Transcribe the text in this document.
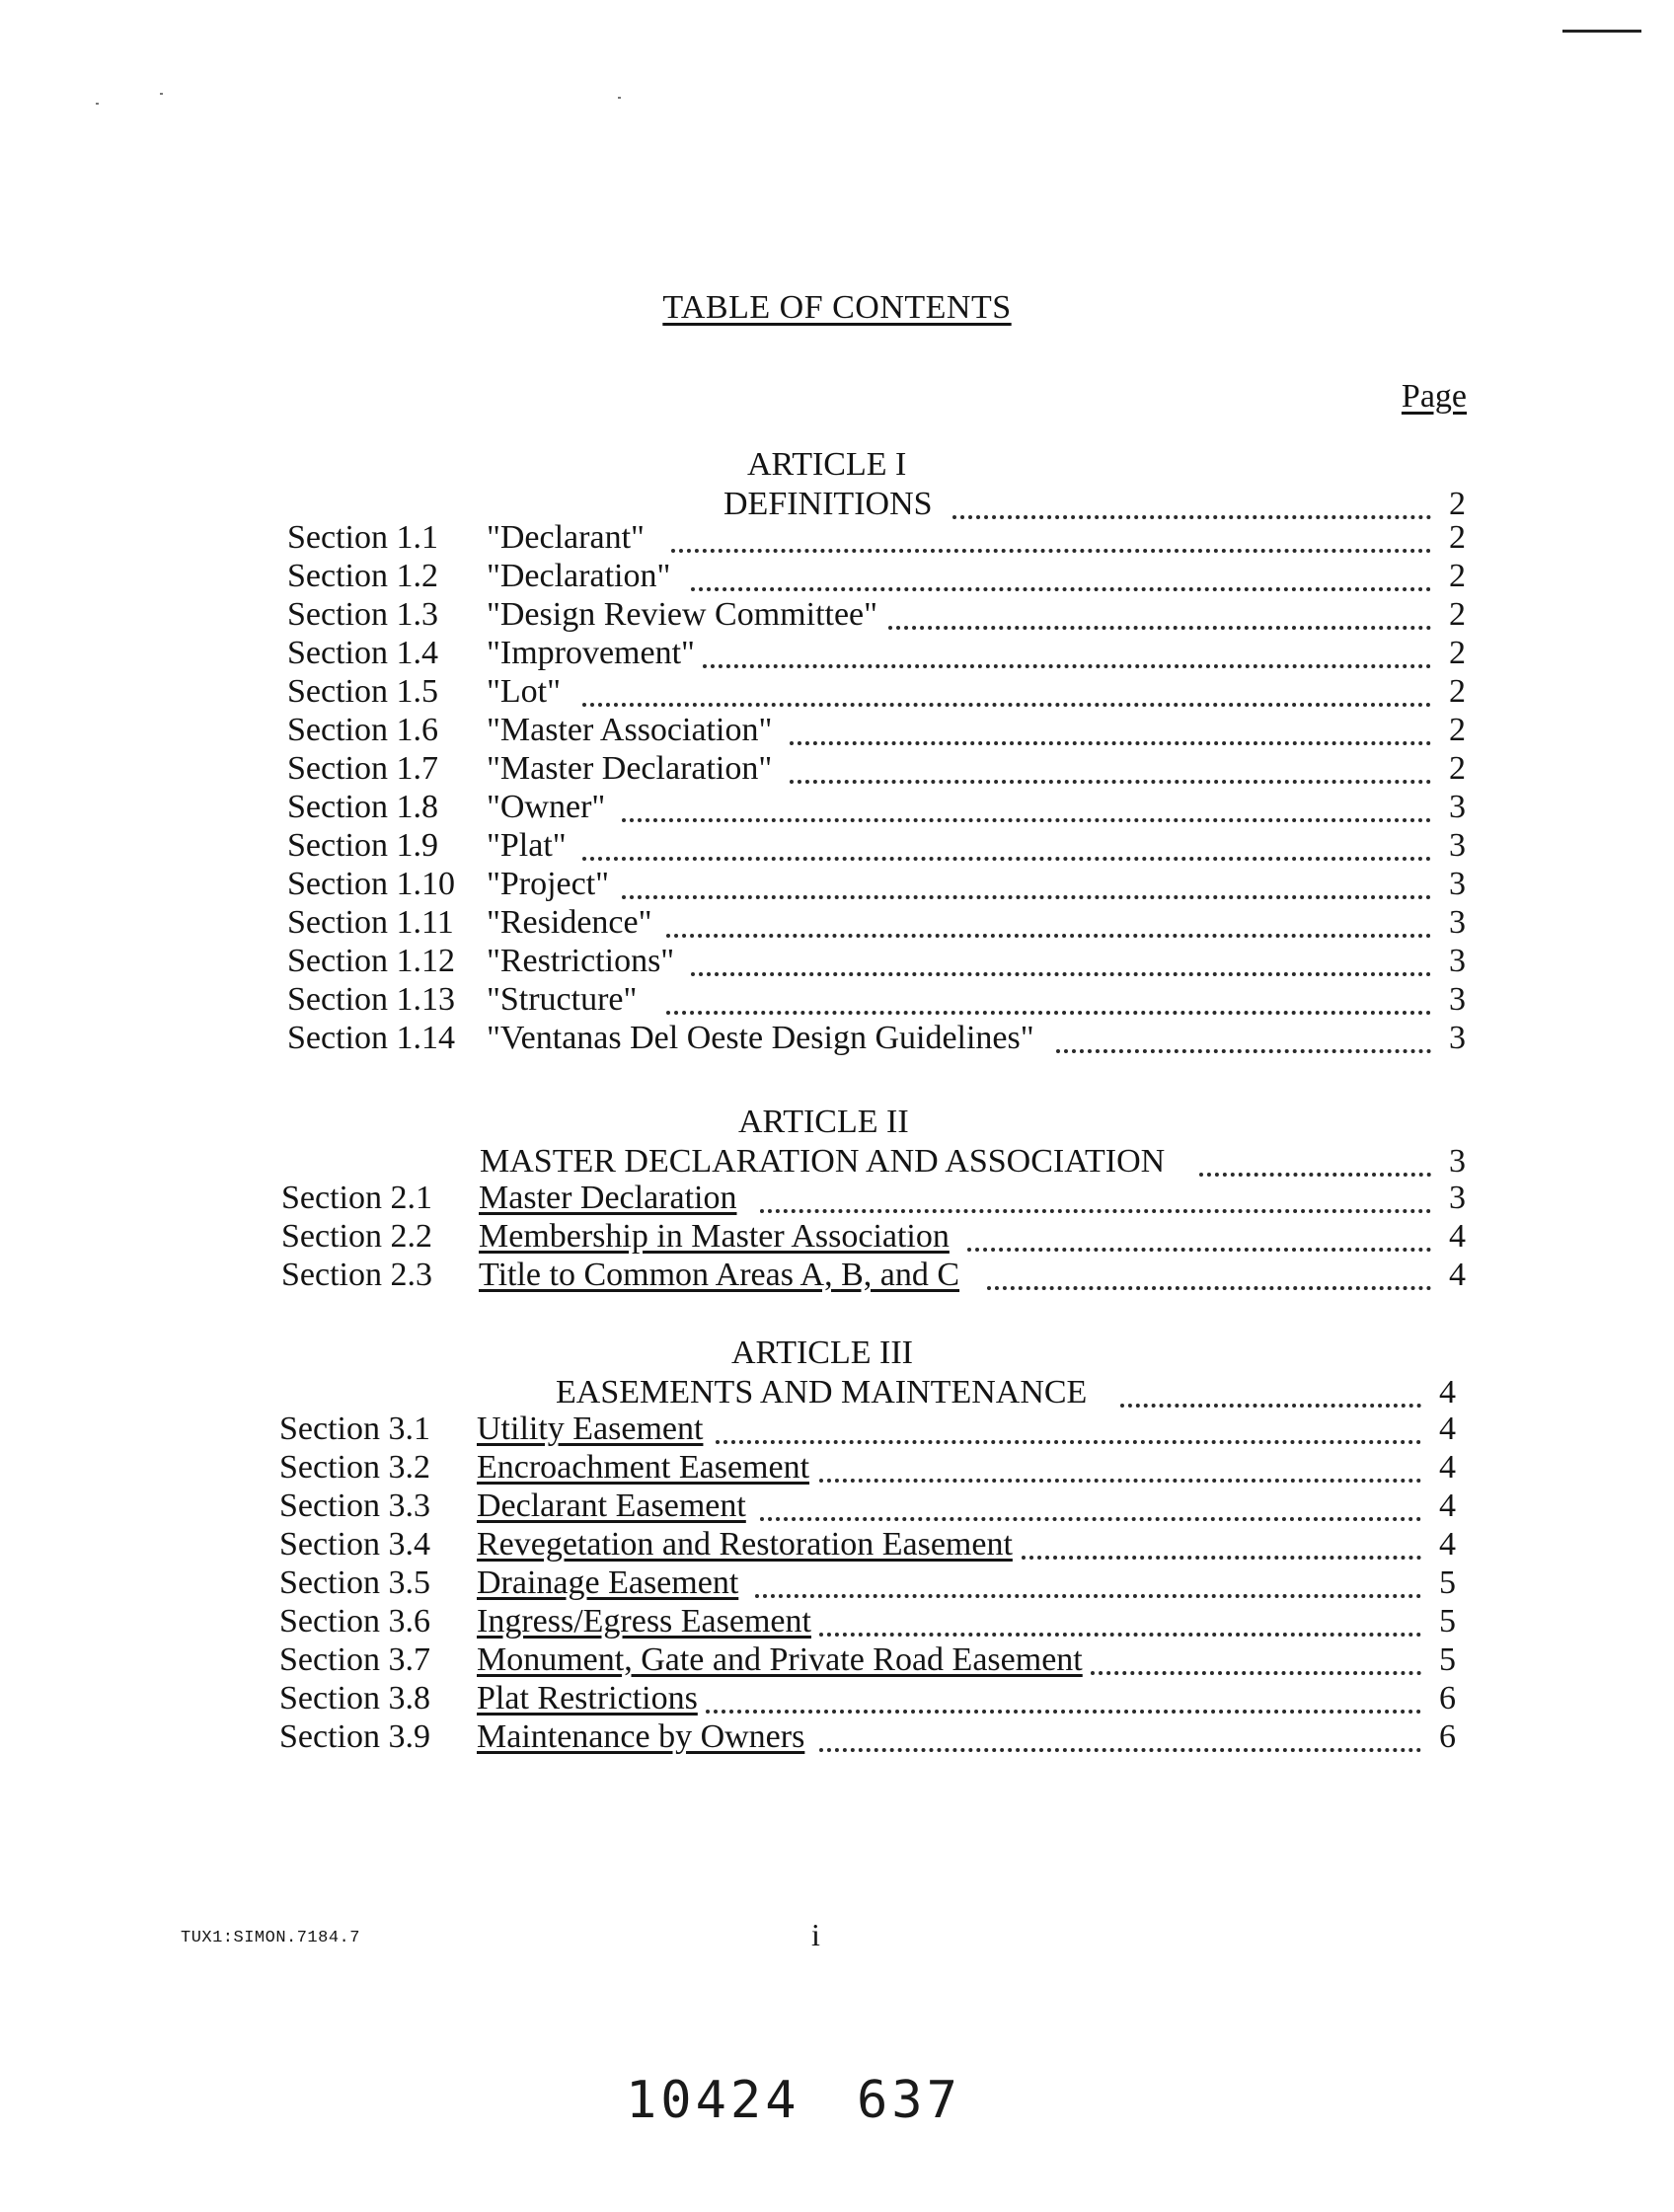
TABLE OF CONTENTS
Page
ARTICLE I
DEFINITIONS	2
Section 1.1 "Declarant"	2
Section 1.2 "Declaration"	2
Section 1.3 "Design Review Committee"	2
Section 1.4 "Improvement"	2
Section 1.5 "Lot"	2
Section 1.6 "Master Association"	2
Section 1.7 "Master Declaration"	2
Section 1.8 "Owner"	3
Section 1.9 "Plat"	3
Section 1.10 "Project"	3
Section 1.11 "Residence"	3
Section 1.12 "Restrictions"	3
Section 1.13 "Structure"	3
Section 1.14 "Ventanas Del Oeste Design Guidelines"	3
ARTICLE II
MASTER DECLARATION AND ASSOCIATION	3
Section 2.1 Master Declaration	3
Section 2.2 Membership in Master Association	4
Section 2.3 Title to Common Areas A, B, and C	4
ARTICLE III
EASEMENTS AND MAINTENANCE	4
Section 3.1 Utility Easement	4
Section 3.2 Encroachment Easement	4
Section 3.3 Declarant Easement	4
Section 3.4 Revegetation and Restoration Easement	4
Section 3.5 Drainage Easement	5
Section 3.6 Ingress/Egress Easement	5
Section 3.7 Monument, Gate and Private Road Easement	5
Section 3.8 Plat Restrictions	6
Section 3.9 Maintenance by Owners	6
TUX1:SIMON.7184.7	i
10424 637
